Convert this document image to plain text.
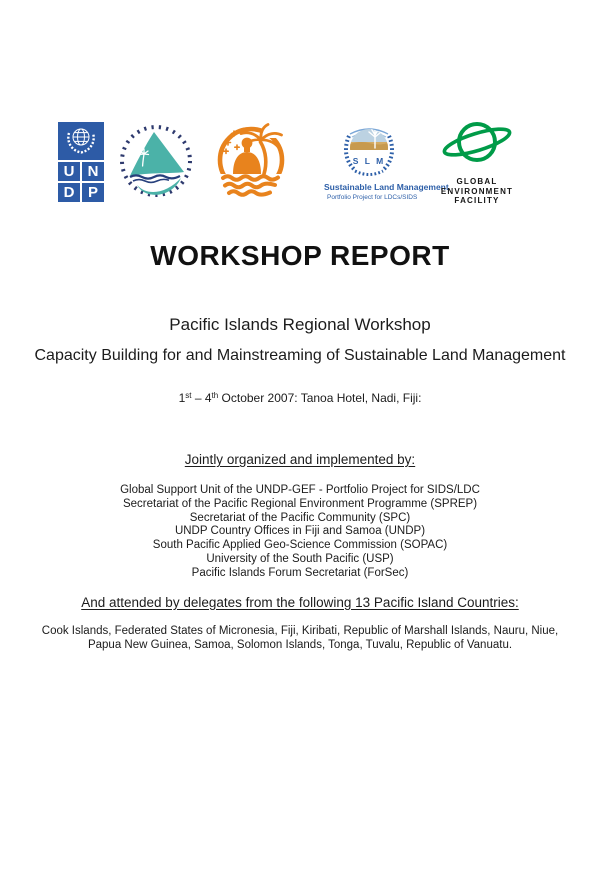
U N
D P
S L M
Sustainable Land Management
Portfolio Project for LDCs/SIDS
GLOBAL
ENVIRONMENT
FACILITY
WORKSHOP REPORT

Pacific Islands Regional Workshop

Capacity Building for and Mainstreaming of Sustainable Land Management

1st – 4th October 2007: Tanoa Hotel, Nadi, Fiji:

Jointly organized and implemented by:

Global Support Unit of the UNDP-GEF - Portfolio Project for SIDS/LDC
Secretariat of the Pacific Regional Environment Programme (SPREP)
Secretariat of the Pacific Community (SPC)
UNDP Country Offices in Fiji and Samoa (UNDP)
South Pacific Applied Geo-Science Commission (SOPAC)
University of the South Pacific (USP)
Pacific Islands Forum Secretariat (ForSec)

And attended by delegates from the following 13 Pacific Island Countries:

Cook Islands, Federated States of Micronesia, Fiji, Kiribati, Republic of Marshall Islands, Nauru, Niue,
Papua New Guinea, Samoa, Solomon Islands, Tonga, Tuvalu, Republic of Vanuatu.
